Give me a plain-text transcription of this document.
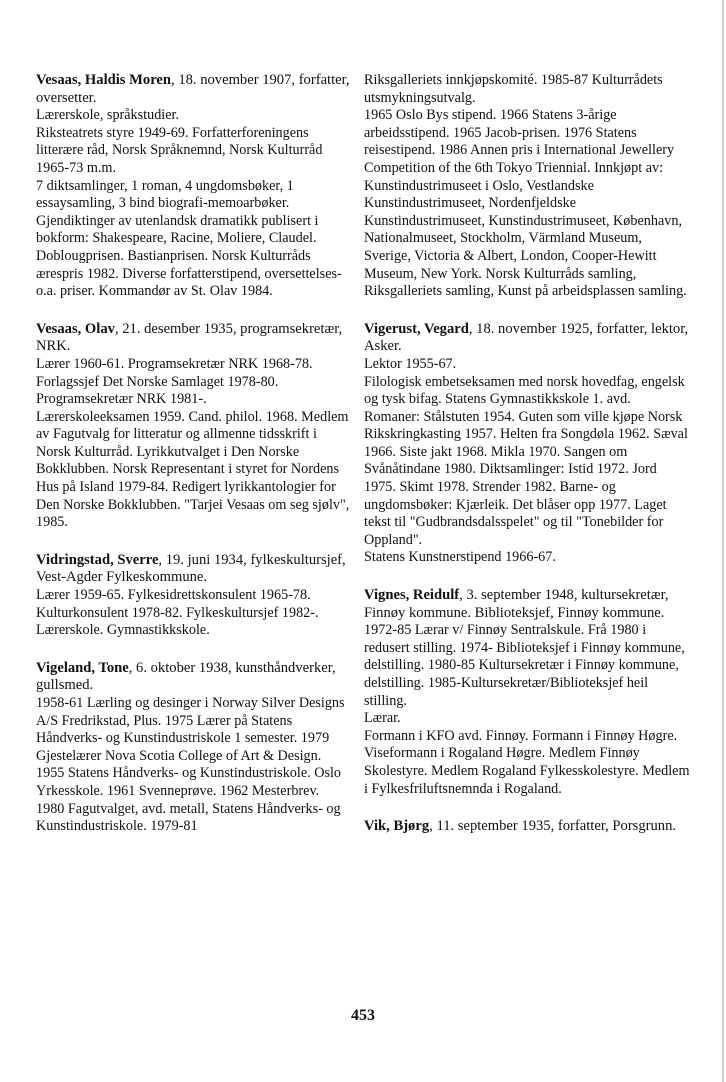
Vesaas, Haldis Moren, 18. november 1907, forfatter, oversetter.

Lærerskole, språkstudier.

Riksteatrets styre 1949-69. Forfatterforeningens litterære råd, Norsk Språknemnd, Norsk Kulturråd 1965-73 m.m.

7 diktsamlinger, 1 roman, 4 ungdomsbøker, 1 essaysamling, 3 bind biografi-memoarbøker. Gjendiktinger av utenlandsk dramatikk publisert i bokform: Shakespeare, Racine, Moliere, Claudel.

Doblougprisen. Bastianprisen. Norsk Kulturråds ærespris 1982. Diverse forfatterstipend, oversettelses- o.a. priser. Kommandør av St. Olav 1984.

Vesaas, Olav, 21. desember 1935, programsekretær, NRK.

Lærer 1960-61. Programsekretær NRK 1968-78. Forlagssjef Det Norske Samlaget 1978-80. Programsekretær NRK 1981-.

Lærerskoleeksamen 1959. Cand. philol. 1968. Medlem av Fagutvalg for litteratur og allmenne tidsskrift i Norsk Kulturråd. Lyrikkutvalget i Den Norske Bokklubben. Norsk Representant i styret for Nordens Hus på Island 1979-84. Redigert lyrikkantologier for Den Norske Bokklubben. "Tarjei Vesaas om seg sjølv", 1985.

Vidringstad, Sverre, 19. juni 1934, fylkeskultursjef, Vest-Agder Fylkeskommune.

Lærer 1959-65. Fylkesidrettskonsulent 1965-78. Kulturkonsulent 1978-82. Fylkeskultursjef 1982-.

Lærerskole. Gymnastikkskole.

Vigeland, Tone, 6. oktober 1938, kunsthåndverker, gullsmed.

1958-61 Lærling og desinger i Norway Silver Designs A/S Fredrikstad, Plus. 1975 Lærer på Statens Håndverks- og Kunstindustriskole 1 semester. 1979 Gjestelærer Nova Scotia College of Art & Design.

1955 Statens Håndverks- og Kunstindustriskole. Oslo Yrkesskole. 1961 Svenneprøve. 1962 Mesterbrev.

1980 Fagutvalget, avd. metall, Statens Håndverks- og Kunstindustriskole. 1979-81

Riksgalleriets innkjøpskomité. 1985-87 Kulturrådets utsmykningsutvalg.

1965 Oslo Bys stipend. 1966 Statens 3-årige arbeidsstipend. 1965 Jacob-prisen. 1976 Statens reisestipend. 1986 Annen pris i International Jewellery Competition of the 6th Tokyo Triennial. Innkjøpt av: Kunstindustrimuseet i Oslo, Vestlandske Kunstindustrimuseet, Nordenfjeldske Kunstindustrimuseet, Kunstindustrimuseet, København, Nationalmuseet, Stockholm, Värmland Museum, Sverige, Victoria & Albert, London, Cooper-Hewitt Museum, New York. Norsk Kulturråds samling, Riksgalleriets samling, Kunst på arbeidsplassen samling.

Vigerust, Vegard, 18. november 1925, forfatter, lektor, Asker.

Lektor 1955-67.

Filologisk embetseksamen med norsk hovedfag, engelsk og tysk bifag. Statens Gymnastikkskole 1. avd.

Romaner: Stålstuten 1954. Guten som ville kjøpe Norsk Rikskringkasting 1957. Helten fra Songdøla 1962. Sæval 1966. Siste jakt 1968. Mikla 1970. Sangen om Svånåtindane 1980. Diktsamlinger: Istid 1972. Jord 1975. Skimt 1978. Strender 1982. Barne- og ungdomsbøker: Kjærleik. Det blåser opp 1977. Laget tekst til "Gudbrandsdalsspelet" og til "Tonebilder for Oppland".

Statens Kunstnerstipend 1966-67.

Vignes, Reidulf, 3. september 1948, kultursekretær, Finnøy kommune. Biblioteksjef, Finnøy kommune.

1972-85 Lærar v/ Finnøy Sentralskule. Frå 1980 i redusert stilling. 1974- Biblioteksjef i Finnøy kommune, delstilling. 1980-85 Kultursekretær i Finnøy kommune, delstilling. 1985-Kultursekretær/Biblioteksjef heil stilling.

Lærar.

Formann i KFO avd. Finnøy. Formann i Finnøy Høgre. Viseformann i Rogaland Høgre. Medlem Finnøy Skolestyre. Medlem Rogaland Fylkesskolestyre. Medlem i Fylkesfriluftsnemnda i Rogaland.

Vik, Bjørg, 11. september 1935, forfatter, Porsgrunn.

453
